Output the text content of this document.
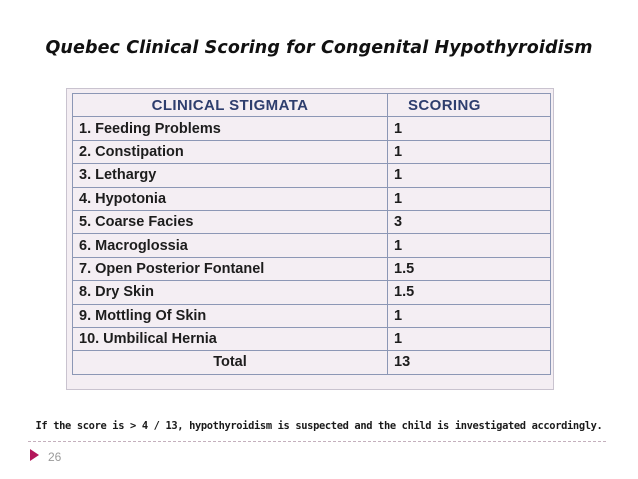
Quebec Clinical Scoring for Congenital Hypothyroidism
CLINICAL STIGMATA	SCORING
1. Feeding Problems	1
2. Constipation	1
3. Lethargy	1
4. Hypotonia	1
5. Coarse Facies	3
6. Macroglossia	1
7. Open Posterior Fontanel	1.5
8. Dry Skin	1.5
9. Mottling Of Skin	1
10. Umbilical Hernia	1
Total	13
If the score is > 4 / 13, hypothyroidism is suspected and the child is investigated accordingly.
26
